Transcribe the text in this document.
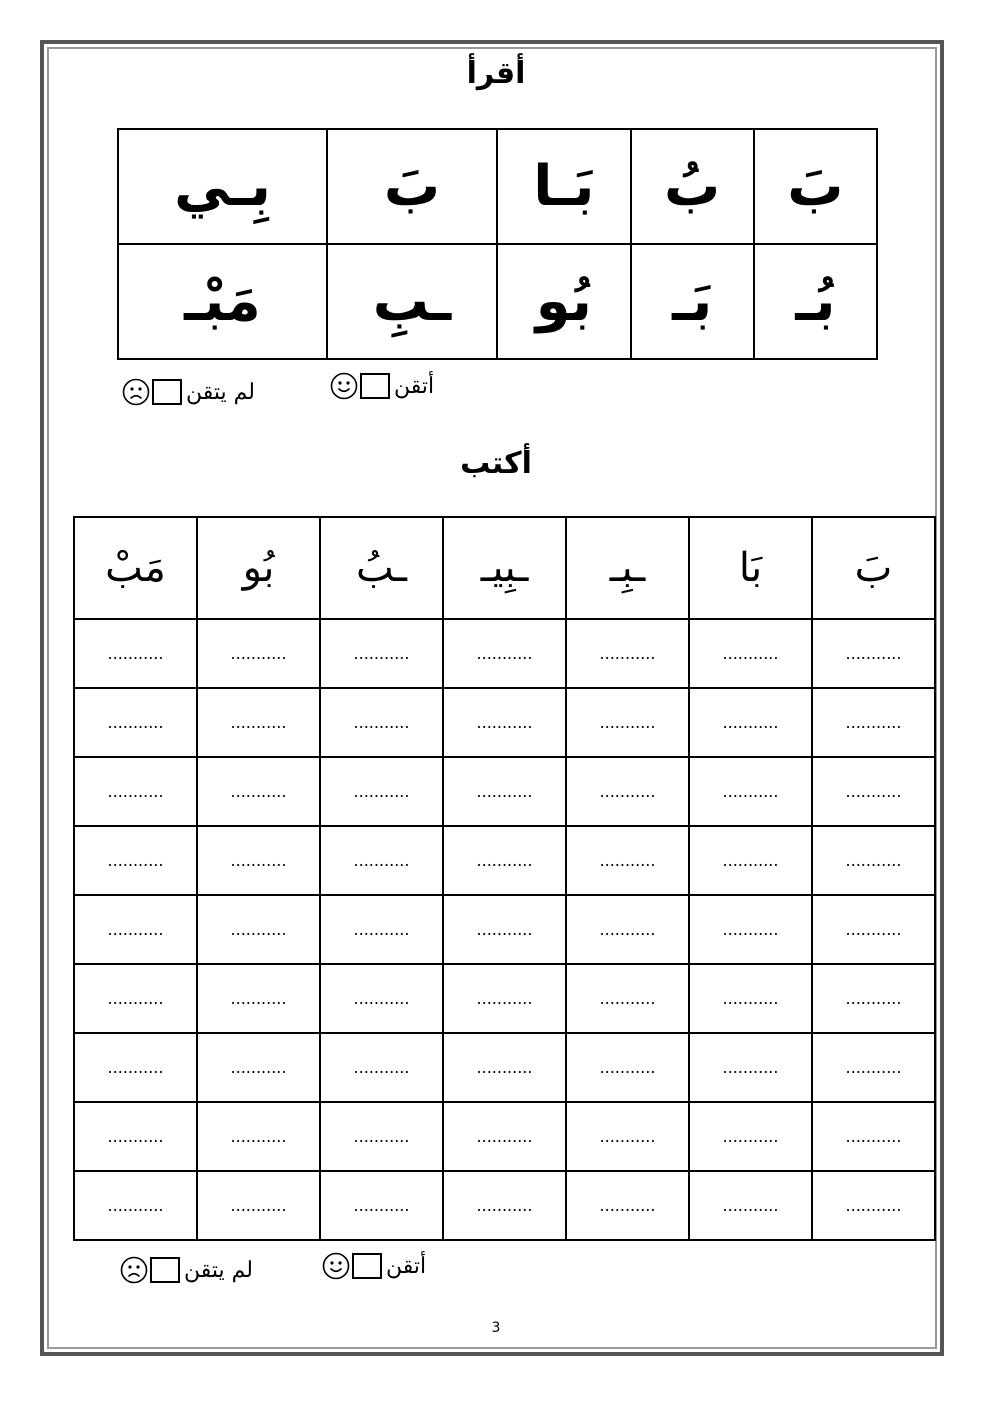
أقرأ
بَ	بُ	بَـا	بَ	بِـي
بُـ	بَـ	بُو	ـبِ	مَبْـ
أتقن
لم يتقن
أكتب
بَ	بَا	ـبِـ	ـبِيـ	ـبُ	بُو	مَبْ
...........	...........	...........	...........	...........	...........	...........
...........	...........	...........	...........	...........	...........	...........
...........	...........	...........	...........	...........	...........	...........
...........	...........	...........	...........	...........	...........	...........
...........	...........	...........	...........	...........	...........	...........
...........	...........	...........	...........	...........	...........	...........
...........	...........	...........	...........	...........	...........	...........
...........	...........	...........	...........	...........	...........	...........
...........	...........	...........	...........	...........	...........	...........
أتقن
لم يتقن
3
